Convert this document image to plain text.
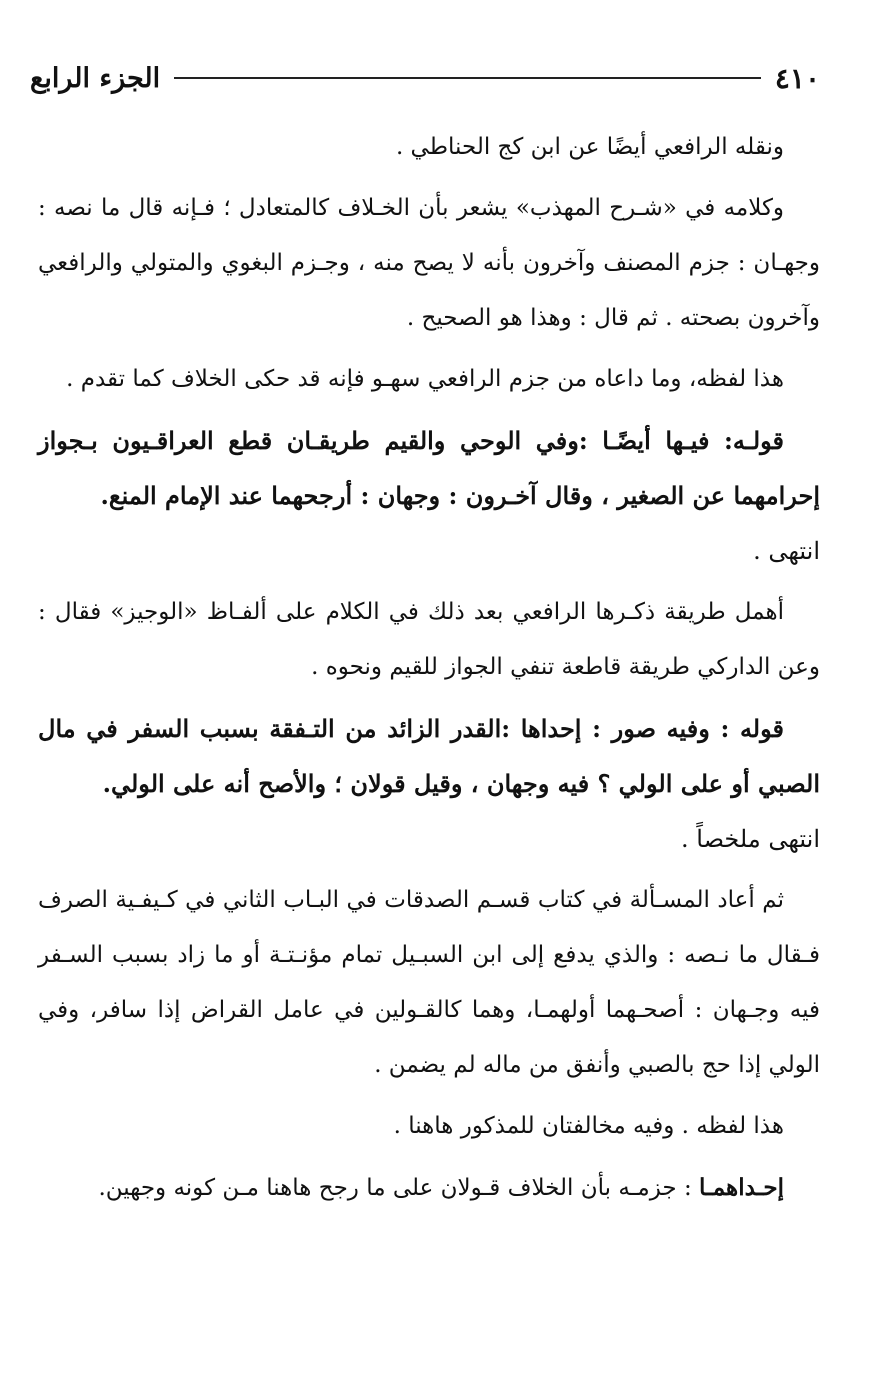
٤١٠
الجزء الرابع

ونقله الرافعي أيضًا عن ابن كج الحناطي .

وكلامه في «شـرح المهذب» يشعر بأن الخـلاف كالمتعادل ؛ فـإنه قال ما نصه : وجهـان : جزم المصنف وآخرون بأنه لا يصح منه ، وجـزم البغوي والمتولي والرافعي وآخرون بصحته . ثم قال : وهذا هو الصحيح .

هذا لفظه، وما داعاه من جزم الرافعي سهـو فإنه قد حكى الخلاف كما تقدم .

قولـه: فيـها أيضًـا :وفي الوحي والقيم طريقـان قطع العراقـيون بـجواز إحرامهما عن الصغير ، وقال آخـرون : وجهان : أرجحهما عند الإمام المنع.
انتهى .

أهمل طريقة ذكـرها الرافعي بعد ذلك في الكلام على ألفـاظ «الوجيز» فقال : وعن الداركي طريقة قاطعة تنفي الجواز للقيم ونحوه .

قوله : وفيه صور : إحداها :القدر الزائد من التـفقة بسبب السفر في مال الصبي أو على الولي ؟ فيه وجهان ، وقيل قولان ؛ والأصح أنه على الولي.
انتهى ملخصاً .

ثم أعاد المسـألة في كتاب قسـم الصدقات في البـاب الثاني في كـيفـية الصرف فـقال ما نـصه : والذي يدفع إلى ابن السبـيل تمام مؤنـتـة أو ما زاد بسبب السـفر فيه وجـهان : أصحـهما أولهمـا، وهما كالقـولين في عامل القراض إذا سافر، وفي الولي إذا حج بالصبي وأنفق من ماله لم يضمن .

هذا لفظه . وفيه مخالفتان للمذكور هاهنا .

إحـداهمـا : جزمـه بأن الخلاف قـولان على ما رجح هاهنا مـن كونه وجهين.
